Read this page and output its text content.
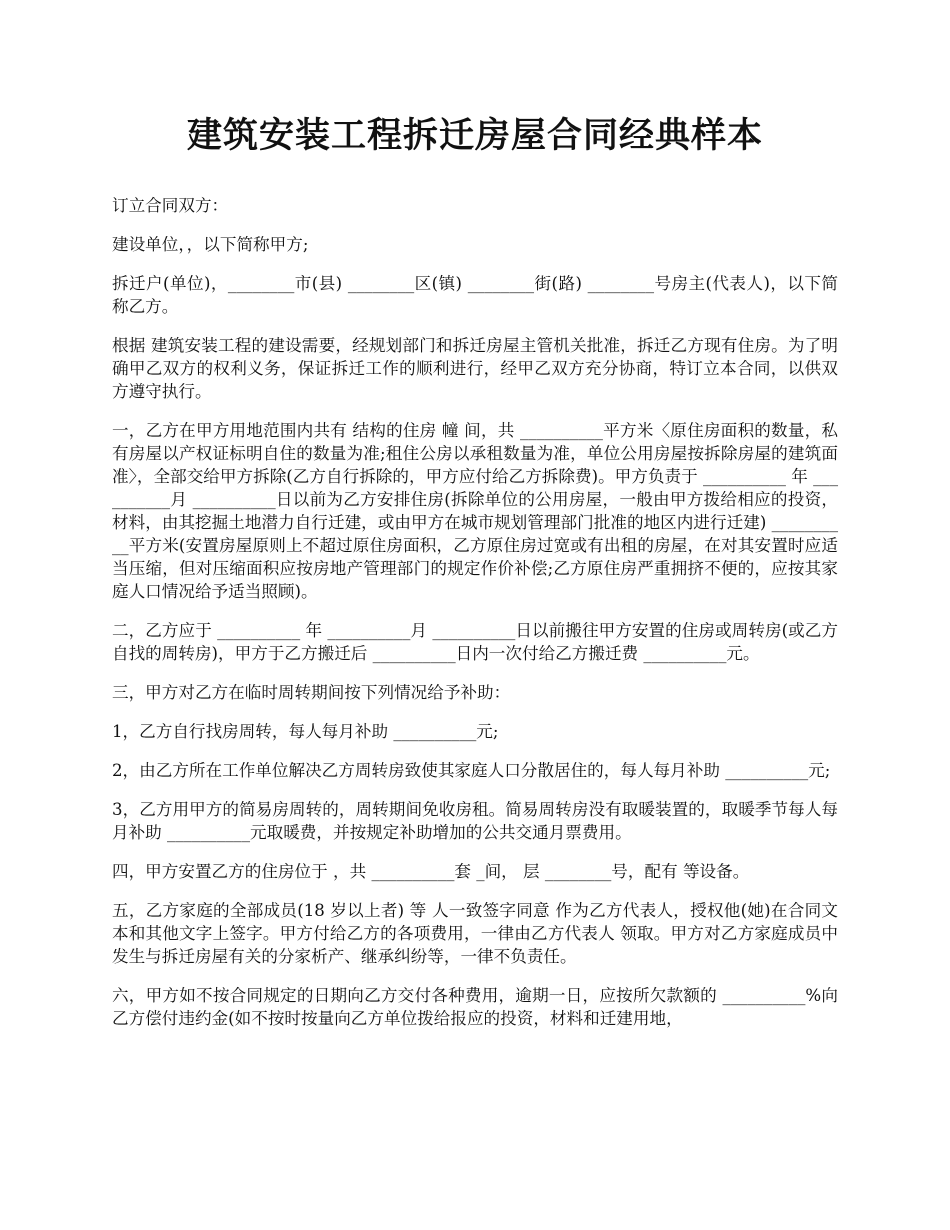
建筑安装工程拆迁房屋合同经典样本

订立合同双方：

建设单位，，以下简称甲方;

拆迁户(单位)，________市(县) ________区(镇) ________街(路) ________号房主(代表人)，以下简称乙方。

根据 建筑安装工程的建设需要，经规划部门和拆迁房屋主管机关批准，拆迁乙方现有住房。为了明确甲乙双方的权利义务，保证拆迁工作的顺利进行，经甲乙双方充分协商，特订立本合同，以供双方遵守执行。

一，乙方在甲方用地范围内共有 结构的住房 幢 间，共 __________平方米〈原住房面积的数量，私有房屋以产权证标明自住的数量为准;租住公房以承租数量为准，单位公用房屋按拆除房屋的建筑面准〉，全部交给甲方拆除(乙方自行拆除的，甲方应付给乙方拆除费)。甲方负责于 __________ 年 __________月 __________日以前为乙方安排住房(拆除单位的公用房屋，一般由甲方拨给相应的投资，材料，由其挖掘土地潜力自行迁建，或由甲方在城市规划管理部门批准的地区内进行迁建) __________平方米(安置房屋原则上不超过原住房面积，乙方原住房过宽或有出租的房屋，在对其安置时应适当压缩，但对压缩面积应按房地产管理部门的规定作价补偿;乙方原住房严重拥挤不便的，应按其家庭人口情况给予适当照顾)。

二，乙方应于 __________ 年 __________月 __________日以前搬往甲方安置的住房或周转房(或乙方自找的周转房)，甲方于乙方搬迁后 __________日内一次付给乙方搬迁费 __________元。

三，甲方对乙方在临时周转期间按下列情况给予补助：

1，乙方自行找房周转，每人每月补助 __________元;

2，由乙方所在工作单位解决乙方周转房致使其家庭人口分散居住的，每人每月补助 __________元;

3，乙方用甲方的简易房周转的，周转期间免收房租。简易周转房没有取暖装置的，取暖季节每人每月补助 __________元取暖费，并按规定补助增加的公共交通月票费用。

四，甲方安置乙方的住房位于 ，共 __________套 _间， 层 ________号，配有 等设备。

五，乙方家庭的全部成员(18 岁以上者) 等 人一致签字同意 作为乙方代表人，授权他(她)在合同文本和其他文字上签字。甲方付给乙方的各项费用，一律由乙方代表人 领取。甲方对乙方家庭成员中发生与拆迁房屋有关的分家析产、继承纠纷等，一律不负责任。

六，甲方如不按合同规定的日期向乙方交付各种费用，逾期一日，应按所欠款额的 __________%向乙方偿付违约金(如不按时按量向乙方单位拨给报应的投资，材料和迁建用地，
